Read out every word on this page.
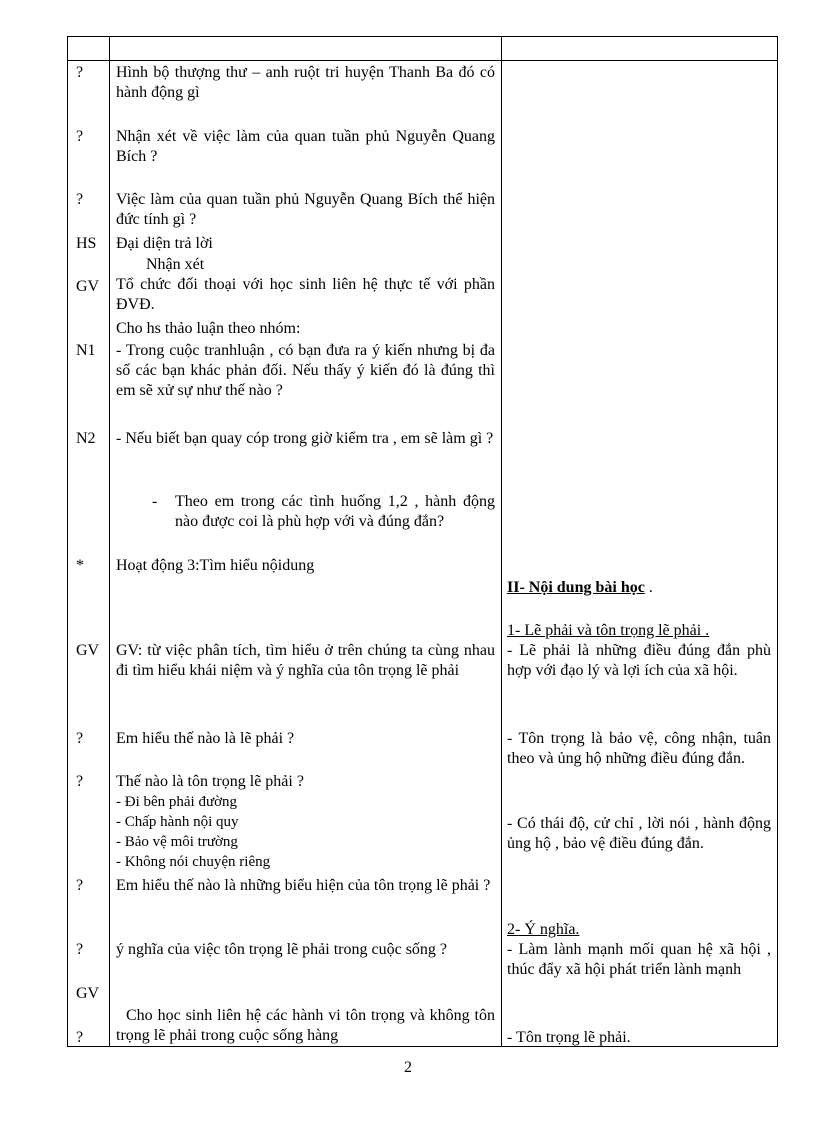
? Hình bộ thượng thư – anh ruột tri huyện Thanh Ba đó có hành động gì
? Nhận xét về việc làm của quan tuần phủ Nguyễn Quang Bích ?
? Việc làm của quan tuần phủ Nguyễn Quang Bích thể hiện đức tính gì ?
HS Đại diện trả lời
Nhận xét
GV Tổ chức đối thoại với học sinh liên hệ thực tế với phần ĐVĐ.
Cho hs thảo luận theo nhóm:
N1 - Trong cuộc tranhluận , có bạn đưa ra ý kiến nhưng bị đa số các bạn khác phản đối. Nếu thấy ý kiến đó là đúng thì em sẽ xử sự như thế nào ?
N2 - Nếu biết bạn quay cóp trong giờ kiểm tra , em sẽ làm gì ?
- Theo em trong các tình huống 1,2 , hành động nào được coi là phù hợp với và đúng đắn?
* Hoạt động 3:Tìm hiểu nộidung
GV GV: từ việc phân tích, tìm hiểu ở trên chúng ta cùng nhau đi tìm hiểu khái niệm và ý nghĩa của tôn trọng lẽ phải
? Em hiểu thế nào là lẽ phải ?
? Thế nào là tôn trọng lẽ phải ?
- Đi bên phải đường
- Chấp hành nội quy
- Bảo vệ môi trường
- Không nói chuyện riêng
? Em hiểu thế nào là những biểu hiện của tôn trọng lẽ phải ?
? ý nghĩa của việc tôn trọng lẽ phải trong cuộc sống ?
GV
Cho học sinh liên hệ các hành vi tôn trọng và không tôn trọng lẽ phải trong cuộc sống hàng
?
II- Nội dung bài học .
1- Lẽ phải và tôn trọng lẽ phải .
- Lẽ phải là những điều đúng đắn phù hợp với đạo lý và lợi ích của xã hội.
- Tôn trọng là bảo vệ, công nhận, tuân theo và ủng hộ những điều đúng đắn.
- Có thái độ, cử chỉ , lời nói , hành động ủng hộ , bảo vệ điều đúng đắn.
2- Ý nghĩa.
- Làm lành mạnh mối quan hệ xã hội , thúc đẩy xã hội phát triển lành mạnh
- Tôn trọng lẽ phải.
2
